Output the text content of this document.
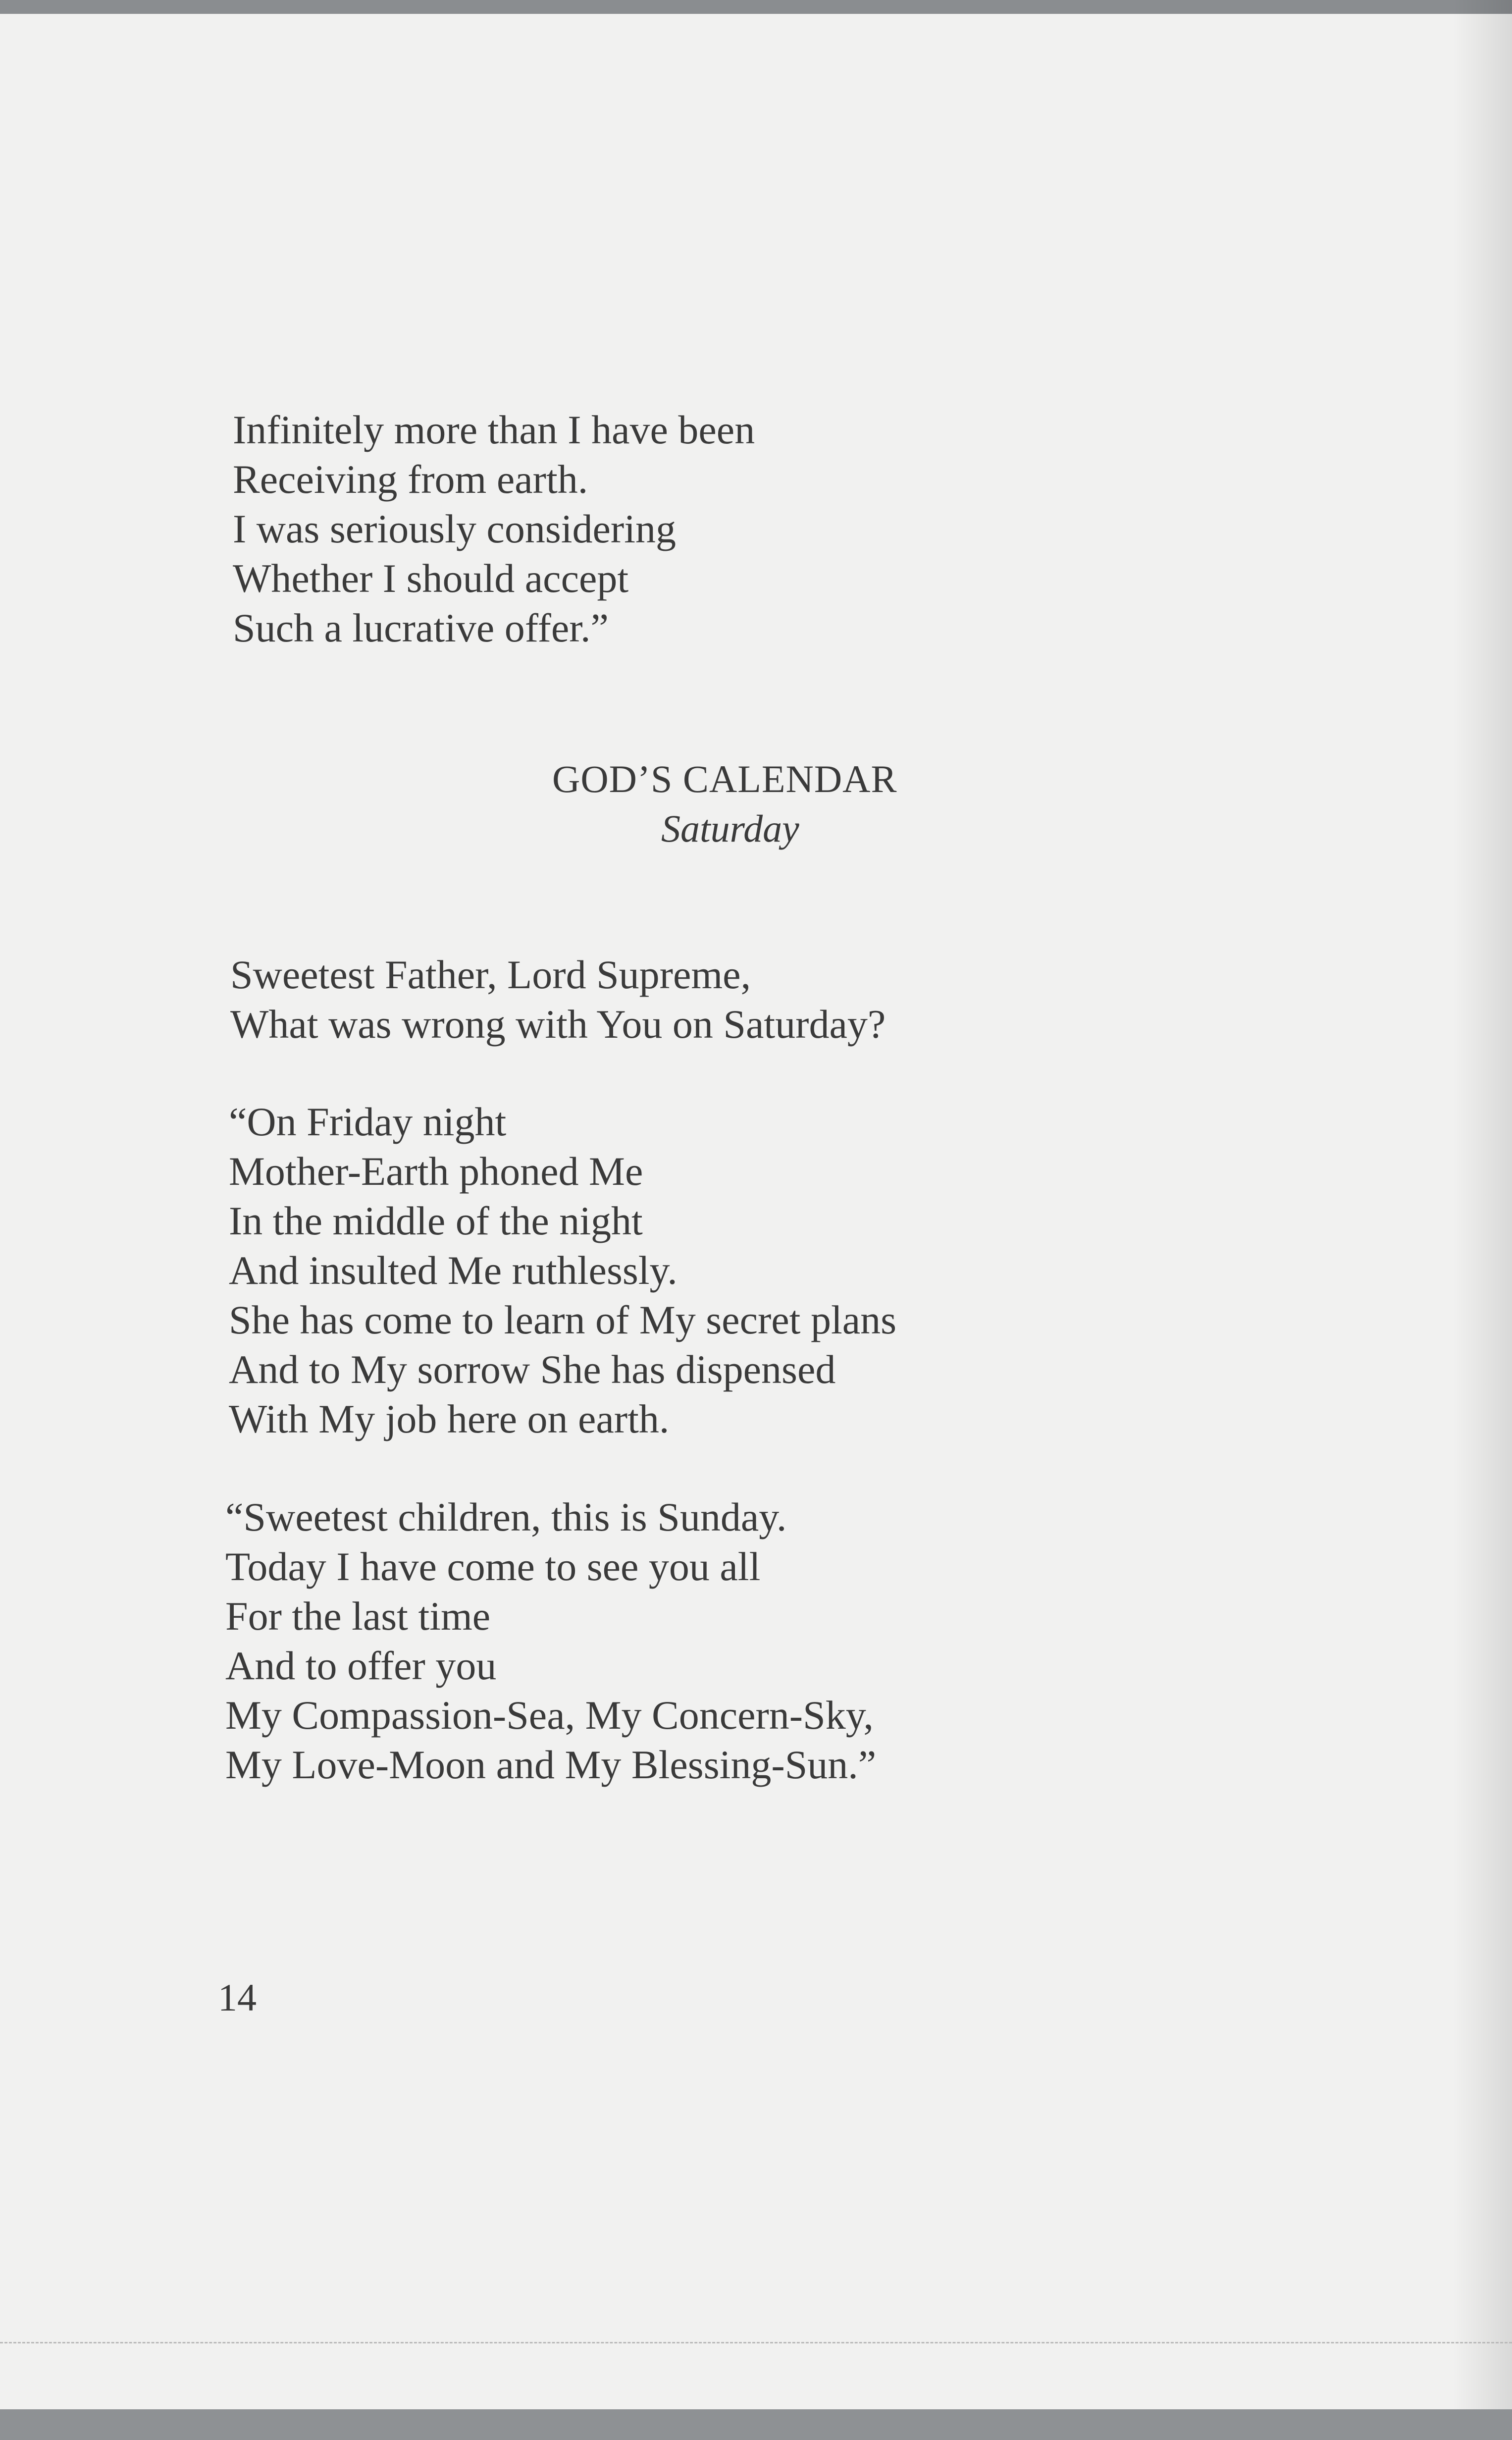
Infinitely more than I have been
Receiving from earth.
I was seriously considering
Whether I should accept
Such a lucrative offer.”
GOD’S CALENDAR
Saturday
Sweetest Father, Lord Supreme,
What was wrong with You on Saturday?
“On Friday night
Mother-Earth phoned Me
In the middle of the night
And insulted Me ruthlessly.
She has come to learn of My secret plans
And to My sorrow She has dispensed
With My job here on earth.
“Sweetest children, this is Sunday.
Today I have come to see you all
For the last time
And to offer you
My Compassion-Sea, My Concern-Sky,
My Love-Moon and My Blessing-Sun.”
14
